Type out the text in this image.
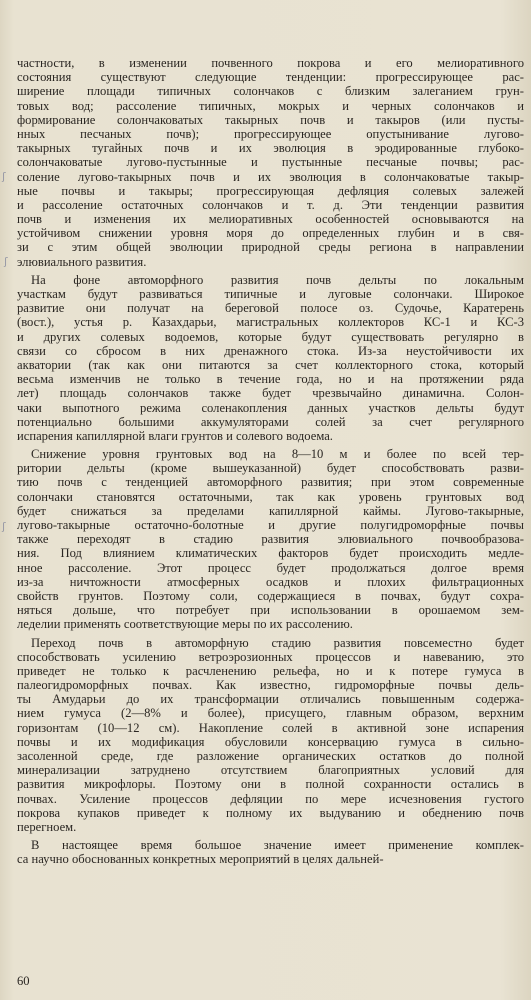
частности, в изменении почвенного покрова и его мелиоративного
состояния существуют следующие тенденции: прогрессирующее рас-
ширение площади типичных солончаков с близким залеганием грун-
товых вод; рассоление типичных, мокрых и черных солончаков и
формирование солончаковатых такырных почв и такыров (или пусты-
нных песчаных почв); прогрессирующее опустынивание лугово-
такырных тугайных почв и их эволюция в эродированные глубоко-
солончаковатые лугово-пустынные и пустынные песчаные почвы; рас-
соление лугово-такырных почв и их эволюция в солончаковатые такыр-
ные почвы и такыры; прогрессирующая дефляция солевых залежей
и рассоление остаточных солончаков и т. д. Эти тенденции развития
почв и изменения их мелиоративных особенностей основываются на
устойчивом снижении уровня моря до определенных глубин и в свя-
зи с этим общей эволюции природной среды региона в направлении
элювиального развития.
На фоне автоморфного развития почв дельты по локальным
участкам будут развиваться типичные и луговые солончаки. Широкое
развитие они получат на береговой полосе оз. Судочье, Каратерень
(вост.), устья р. Казахдарьи, магистральных коллекторов КС-1 и КС-3
и других солевых водоемов, которые будут существовать регулярно в
связи со сбросом в них дренажного стока. Из-за неустойчивости их
акватории (так как они питаются за счет коллекторного стока, который
весьма изменчив не только в течение года, но и на протяжении ряда
лет) площадь солончаков также будет чрезвычайно динамична. Солон-
чаки выпотного режима соленакопления данных участков дельты будут
потенциально большими аккумуляторами солей за счет регулярного
испарения капиллярной влаги грунтов и солевого водоема.
Снижение уровня грунтовых вод на 8—10 м и более по всей тер-
ритории дельты (кроме вышеуказанной) будет способствовать разви-
тию почв с тенденцией автоморфного развития; при этом современные
солончаки становятся остаточными, так как уровень грунтовых вод
будет снижаться за пределами капиллярной каймы. Лугово-такырные,
лугово-такырные остаточно-болотные и другие полугидроморфные почвы
также переходят в стадию развития элювиального почвообразова-
ния. Под влиянием климатических факторов будет происходить медле-
нное рассоление. Этот процесс будет продолжаться долгое время
из-за ничтожности атмосферных осадков и плохих фильтрационных
свойств грунтов. Поэтому соли, содержащиеся в почвах, будут сохра-
няться дольше, что потребует при использовании в орошаемом зем-
леделии применять соответствующие меры по их рассолению.
Переход почв в автоморфную стадию развития повсеместно будет
способствовать усилению ветроэрозионных процессов и навеванию, это
приведет не только к расчленению рельефа, но и к потере гумуса в
палеогидроморфных почвах. Как известно, гидроморфные почвы дель-
ты Амударьи до их трансформации отличались повышенным содержа-
нием гумуса (2—8% и более), присущего, главным образом, верхним
горизонтам (10—12 см). Накопление солей в активной зоне испарения
почвы и их модификация обусловили консервацию гумуса в сильно-
засоленной среде, где разложение органических остатков до полной
минерализации затруднено отсутствием благоприятных условий для
развития микрофлоры. Поэтому они в полной сохранности остались в
почвах. Усиление процессов дефляции по мере исчезновения густого
покрова купаков приведет к полному их выдуванию и обеднению почв
перегноем.
В настоящее время большое значение имеет применение комплек-
са научно обоснованных конкретных мероприятий в целях дальней-
60
ʃ
ʃ
ʃ
